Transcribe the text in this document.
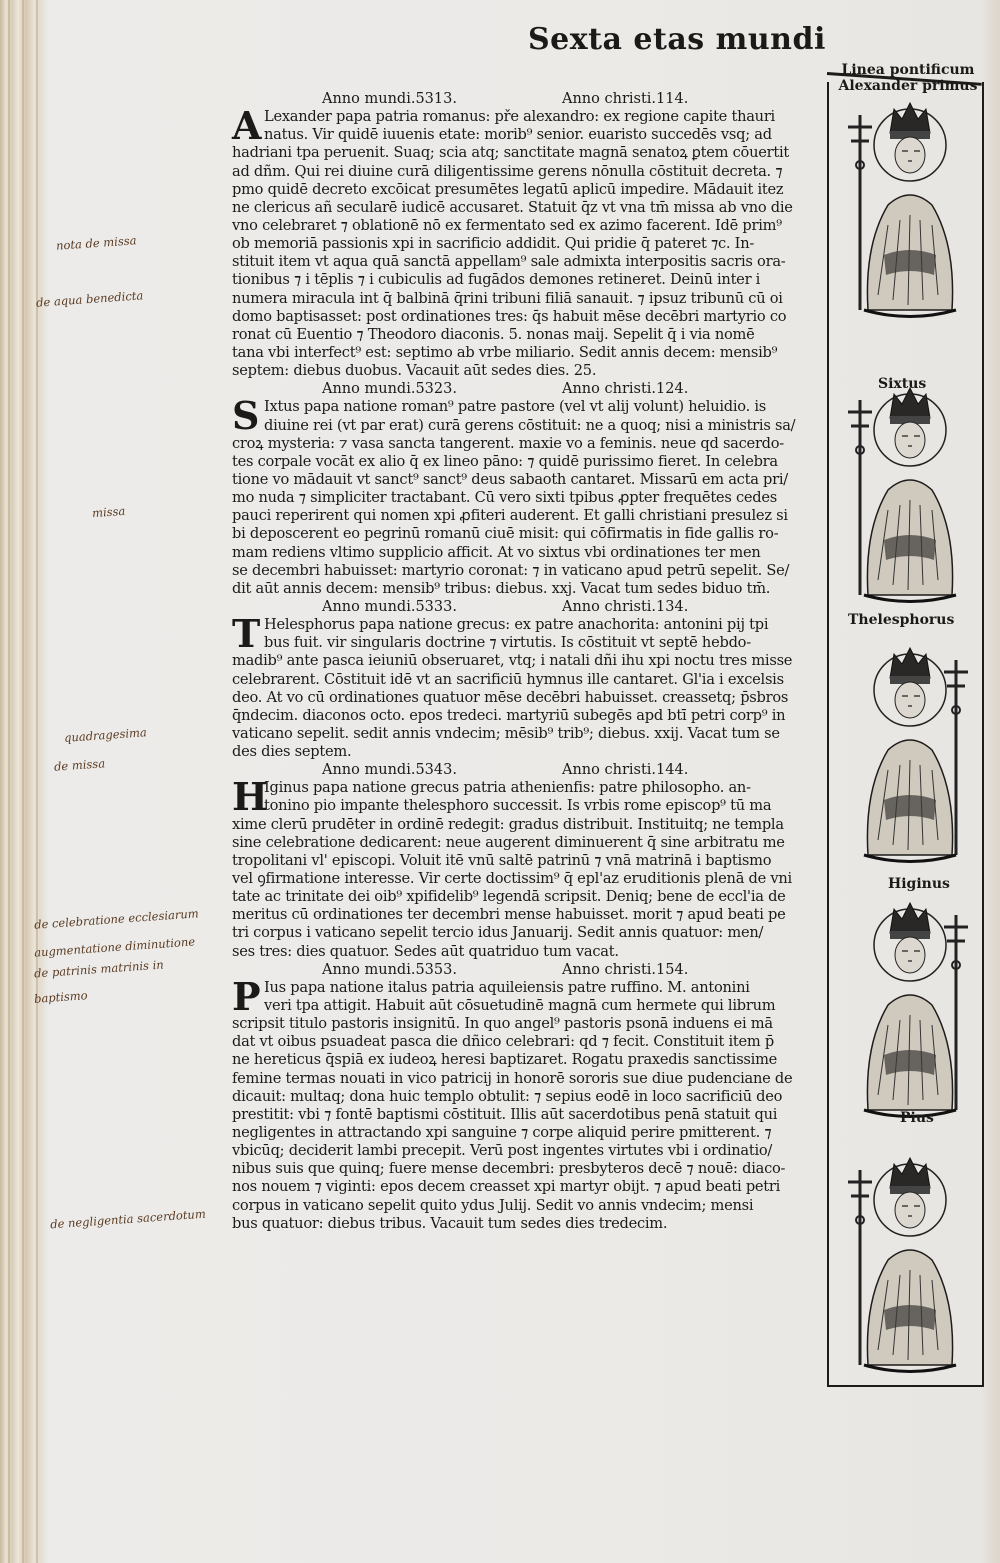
Sexta etas mundi
Anno mundi.5313.	Anno christi.114.
A Lexander papa patria romanus: pře alexandro: ex regione capite thauri
natus. Vir quidē iuuenis etate: morib⁹ senior. euaristo succedēs vsq; ad
hadriani tpa peruenit. Suaq; scia atq; sanctitate magnā senatoꝝ ꝑtem cōuertit
ad dñm. Qui rei diuine curā diligentissime gerens nōnulla cōstituit decreta. ⁊
pmo quidē decreto excōicat presumētes legatū aplicū impedire. Mādauit itez
ne clericus añ secularē iudicē accusaret. Statuit q̄z vt vna tm̄ missa ab vno die
vno celebraret ⁊ oblationē nō ex fermentato sed ex azimo facerent. Idē prim⁹
ob memoriā passionis xpi in sacrificio addidit. Qui pridie q̄ pateret ⁊c. In-
stituit item vt aqua quā sanctā appellam⁹ sale admixta interpositis sacris ora-
tionibus ⁊ i tēplis ⁊ i cubiculis ad fugādos demones retineret. Deinū inter i
numera miracula int̄ q̄ balbinā q̄rini tribuni filiā sanauit. ⁊ ipsuz tribunū cū oi
domo baptisasset: post ordinationes tres: q̄s habuit mēse decēbri martyrio co
ronat cū Euentio ⁊ Theodoro diaconis. 5. nonas maij. Sepelit q̄ i via nomē
tana vbi interfect⁹ est: septimo ab vrbe miliario. Sedit annis decem: mensib⁹
septem: diebus duobus. Vacauit aūt sedes dies. 25.
Anno mundi.5323.	Anno christi.124.
S Ixtus papa natione roman⁹ patre pastore (vel vt alij volunt) heluidio. is
diuine rei (vt par erat) curā gerens cōstituit: ne a quoq; nisi a ministris sa/
croꝝ mysteria: ⁊ vasa sancta tangerent. maxie vo a feminis. neue qd sacerdo-
tes corpale vocāt ex alio q̄ ex lineo pāno: ⁊ quidē purissimo fieret. In celebra
tione vo mādauit vt sanct⁹ sanct⁹ deus sabaoth cantaret. Missarū em acta pri/
mo nuda ⁊ simpliciter tractabant. Cū vero sixti tpibus ꝓpter frequētes cedes
pauci reperirent qui nomen xpi ꝓfiteri auderent. Et galli christiani presulez si
bi deposcerent eo pegrinū romanū ciuē misit: qui cōfirmatis in fide gallis ro-
mam rediens vltimo supplicio afficit. At vo sixtus vbi ordinationes ter men
se decembri habuisset: martyrio coronat: ⁊ in vaticano apud petrū sepelit. Se/
dit aūt annis decem: mensib⁹ tribus: diebus. xxj. Vacat tum sedes biduo tm̄.
Anno mundi.5333.	Anno christi.134.
T Helesphorus papa natione grecus: ex patre anachorita: antonini pij tpi
bus fuit. vir singularis doctrine ⁊ virtutis. Is cōstituit vt septē hebdo-
madib⁹ ante pasca ieiuniū obseruaret, vtq; i natali dñi ihu xpi noctu tres misse
celebrarent. Cōstituit idē vt an sacrificiū hymnus ille cantaret. Gl'ia i excelsis
deo. At vo cū ordinationes quatuor mēse decēbri habuisset. creassetq; p̄sbros
q̄ndecim. diaconos octo. epos tredeci. martyriū subegēs apd btī petri corp⁹ in
vaticano sepelit. sedit annis vndecim; mēsib⁹ trib⁹; diebus. xxij. Vacat tum se
des dies septem.
Anno mundi.5343.	Anno christi.144.
H
Iginus papa natione grecus patria athenienfis: patre philosopho. an-
tonino pio impante thelesphoro successit. Is vrbis rome episcop⁹ tū ma
xime clerū prudēter in ordinē redegit: gradus distribuit. Instituitq; ne templa
sine celebratione dedicarent: neue augerent diminuerent q̄ sine arbitratu me
tropolitani vl' episcopi. Voluit itē vnū saltē patrinū ⁊ vnā matrinā i baptismo
vel ꝯfirmatione interesse. Vir certe doctissim⁹ q̄ epl'az eruditionis plenā de vni
tate ac trinitate dei oib⁹ xpifidelib⁹ legendā scripsit. Deniq; bene de eccl'ia de
meritus cū ordinationes ter decembri mense habuisset. morit ⁊ apud beati pe
tri corpus i vaticano sepelit tercio idus Januarij. Sedit annis quatuor: men/
ses tres: dies quatuor. Sedes aūt quatriduo tum vacat.
Anno mundi.5353.	Anno christi.154.
P Ius papa natione italus patria aquileiensis patre ruffino. M. antonini
veri tpa attigit. Habuit aūt cōsuetudinē magnā cum hermete qui librum
scripsit titulo pastoris insignitū. In quo angel⁹ pastoris psonā induens ei mā
dat vt oibus psuadeat pasca die dñico celebrari: qd ⁊ fecit. Constituit item p̄
ne hereticus q̄spiā ex iudeoꝝ heresi baptizaret. Rogatu praxedis sanctissime
femine termas nouati in vico patricij in honorē sororis sue diue pudenciane de
dicauit: multaq; dona huic templo obtulit: ⁊ sepius eodē in loco sacrificiū deo
prestitit: vbi ⁊ fontē baptismi cōstituit. Illis aūt sacerdotibus penā statuit qui
negligentes in attractando xpi sanguine ⁊ corpe aliquid perire pmitterent. ⁊
vbicūq; deciderit lambi precepit. Verū post ingentes virtutes vbi i ordinatio/
nibus suis que quinq; fuere mense decembri: presbyteros decē ⁊ nouē: diaco-
nos nouem ⁊ viginti: epos decem creasset xpi martyr obijt. ⁊ apud beati petri
corpus in vaticano sepelit quito ydus Julij. Sedit vo annis vndecim; mensi
bus quatuor: diebus tribus. Vacauit tum sedes dies tredecim.
nota de missa
de aqua benedicta
missa
quadragesima
de missa
de celebratione ecclesiarum
augmentatione diminutione
de patrinis matrinis in
baptismo
de negligentia sacerdotum
Linea pontificum
Alexander primus
Sixtus
Thelesphorus
Higinus
Pius
